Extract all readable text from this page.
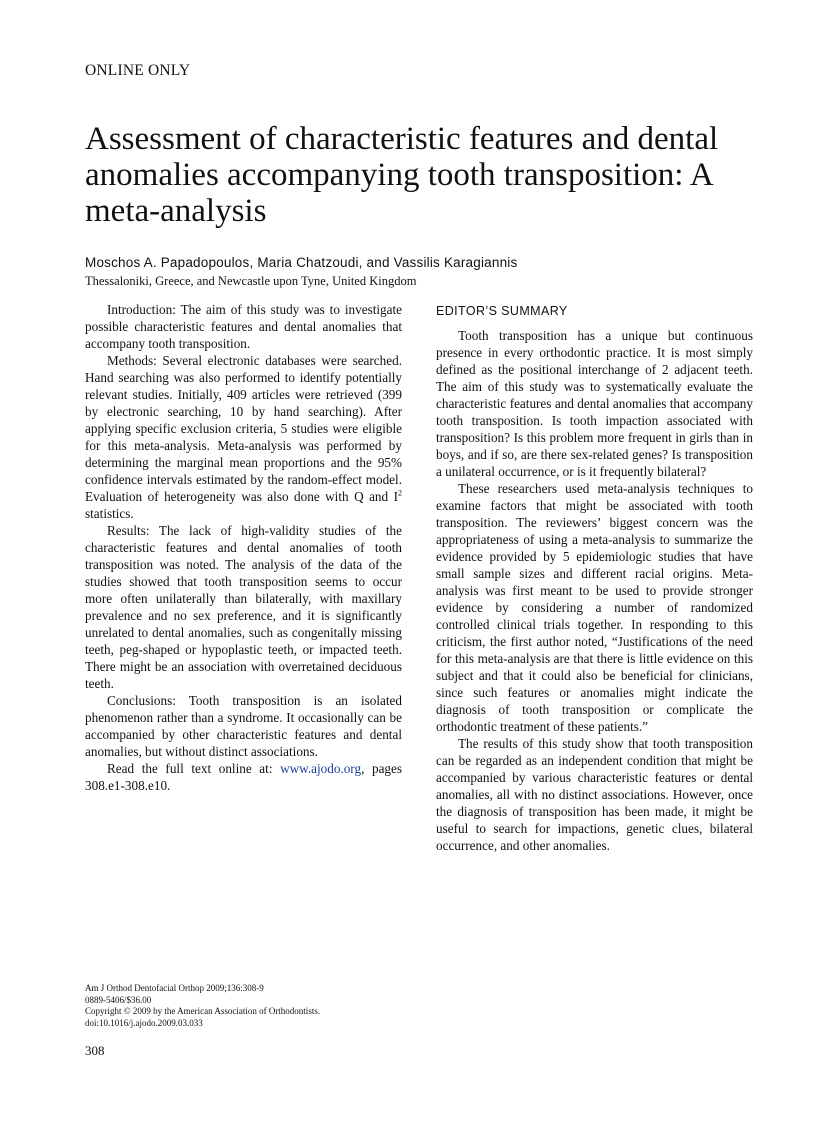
ONLINE ONLY
Assessment of characteristic features and dental anomalies accompanying tooth transposition: A meta-analysis
Moschos A. Papadopoulos, Maria Chatzoudi, and Vassilis Karagiannis
Thessaloniki, Greece, and Newcastle upon Tyne, United Kingdom

Introduction: The aim of this study was to investigate possible characteristic features and dental anomalies that accompany tooth transposition.

Methods: Several electronic databases were searched. Hand searching was also performed to identify potentially relevant studies. Initially, 409 articles were retrieved (399 by electronic searching, 10 by hand searching). After applying specific exclusion criteria, 5 studies were eligible for this meta-analysis. Meta-analysis was performed by determining the marginal mean proportions and the 95% confidence intervals estimated by the random-effect model. Evaluation of heterogeneity was also done with Q and $I^2$ statistics.

Results: The lack of high-validity studies of the characteristic features and dental anomalies of tooth transposition was noted. The analysis of the data of the studies showed that tooth transposition seems to occur more often unilaterally than bilaterally, with maxillary prevalence and no sex preference, and it is significantly unrelated to dental anomalies, such as congenitally missing teeth, peg-shaped or hypoplastic teeth, or impacted teeth. There might be an association with overretained deciduous teeth.

Conclusions: Tooth transposition is an isolated phenomenon rather than a syndrome. It occasionally can be accompanied by other characteristic features and dental anomalies, but without distinct associations.

Read the full text online at: www.ajodo.org, pages 308.e1-308.e10.

EDITOR’S SUMMARY

Tooth transposition has a unique but continuous presence in every orthodontic practice. It is most simply defined as the positional interchange of 2 adjacent teeth. The aim of this study was to systematically evaluate the characteristic features and dental anomalies that accompany tooth transposition. Is tooth impaction associated with transposition? Is this problem more frequent in girls than in boys, and if so, are there sex-related genes? Is transposition a unilateral occurrence, or is it frequently bilateral?

These researchers used meta-analysis techniques to examine factors that might be associated with tooth transposition. The reviewers’ biggest concern was the appropriateness of using a meta-analysis to summarize the evidence provided by 5 epidemiologic studies that have small sample sizes and different racial origins. Meta-analysis was first meant to be used to provide stronger evidence by considering a number of randomized controlled clinical trials together. In responding to this criticism, the first author noted, “Justifications of the need for this meta-analysis are that there is little evidence on this subject and that it could also be beneficial for clinicians, since such features or anomalies might indicate the diagnosis of tooth transposition or complicate the orthodontic treatment of these patients.”

The results of this study show that tooth transposition can be regarded as an independent condition that might be accompanied by various characteristic features or dental anomalies, all with no distinct associations. However, once the diagnosis of transposition has been made, it might be useful to search for impactions, genetic clues, bilateral occurrence, and other anomalies.

Am J Orthod Dentofacial Orthop 2009;136:308-9
0889-5406/$36.00
Copyright © 2009 by the American Association of Orthodontists.
doi:10.1016/j.ajodo.2009.03.033
308
